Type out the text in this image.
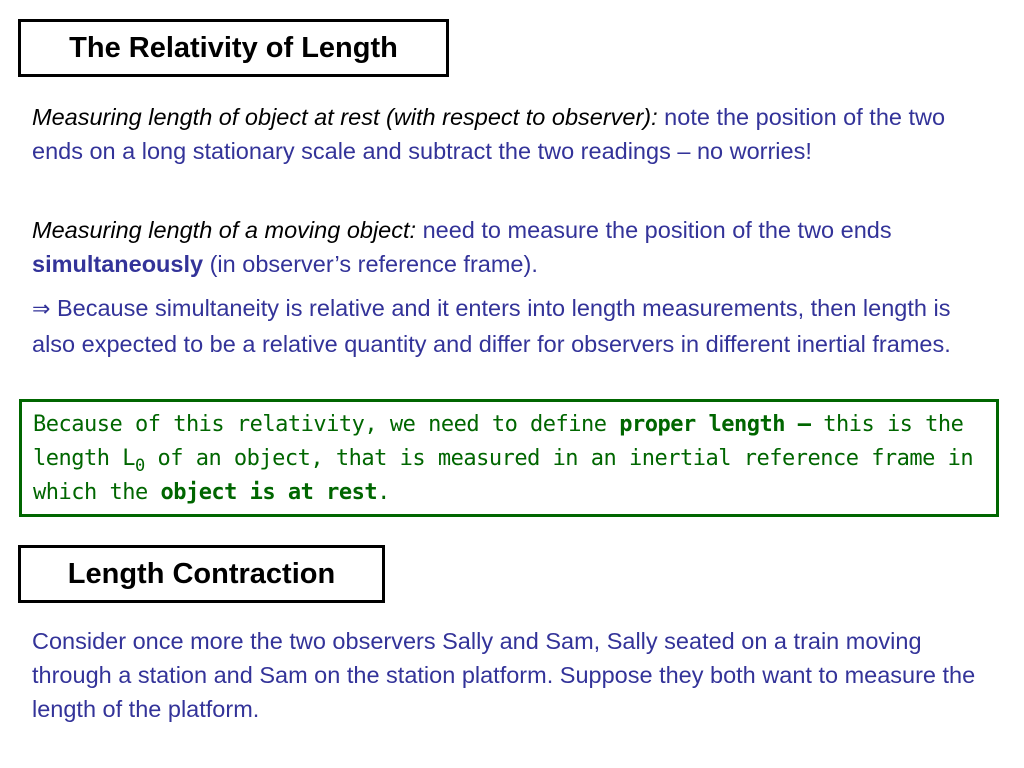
The Relativity of Length

Measuring length of object at rest (with respect to observer): note the position of the two ends on a long stationary scale and subtract the two readings – no worries!

Measuring length of a moving object: need to measure the position of the two ends simultaneously (in observer’s reference frame).

⇒ Because simultaneity is relative and it enters into length measurements, then length is also expected to be a relative quantity and differ for observers in different inertial frames.

Because of this relativity, we need to define proper length – this is the length $L_0$ of an object, that is measured in an inertial reference frame in which the object is at rest.
Length Contraction

Consider once more the two observers Sally and Sam, Sally seated on a train moving through a station and Sam on the station platform. Suppose they both want to measure the length of the platform.
